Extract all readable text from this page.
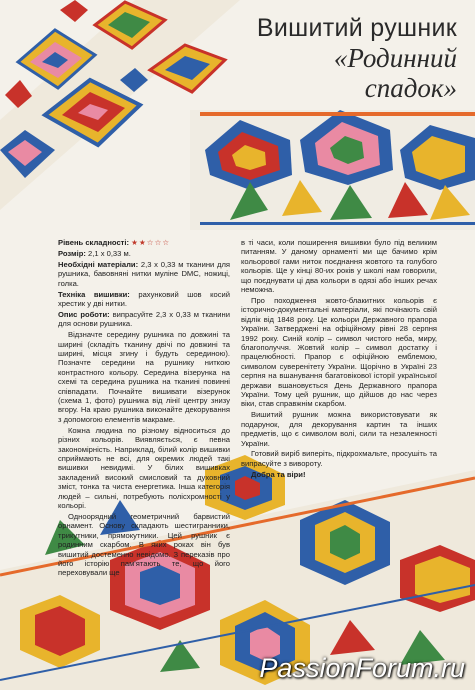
Вишитий рушник
«Родинний
спадок»

Рівень складності: ★★☆☆☆

Розмір: 2,1 х 0,33 м.

Необхідні матеріали: 2,3 х 0,33 м тканини для рушника, бавовняні нитки муліне DMC, ножиці, голка.

Техніка вишивки: рахунковий шов косий хрестик у дві нитки.

Опис роботи: випрасуйте 2,3 х 0,33 м тканини для основи рушника.

Відзначте середину рушника по довжині та ширині (складіть тканину двічі по довжині та ширині, місця згину і будуть серединою). Позначте середини на рушнику ниткою контрастного кольору. Середина візерунка на схемі та середина рушника на тканині повинні співпадати. Почнайте вишивати візерунок (схема 1, фото) рушника від лінії центру знизу вгору. На краю рушника виконайте декорування з допомогою елементів макраме.

Кожна людина по різному відноситься до різних кольорів. Виявляється, є певна закономірність. Наприклад, білий колір вишивки сприймають не всі, для окремих людей такі вишивки невидимі. У білих вишивках закладений високий смисловий та духовний зміст, тонка та чиста енергетика. Інша категорія людей – сильні, потребують полісхромності у кольорі.

Одноорядний геометричний барвистий орнамент. Основу складають шестигранники, трикутники, прямокутники. Цей рушник є родинним скарбом. В яких роках він був вишитий достеменно невідомо. З переказів про його історію пам'ятають те, що його переховували ще

в ті часи, коли поширення вишивки було під великим питанням. У даному орнаменті ми ще бачимо крім кольорової гами ниток поєднання жовтого та голубого кольорів. Ще у кінці 80-их років у школі нам говорили, що поєднувати ці два кольори в одязі або інших речах неможна.

Про походження жовто-блакитних кольорів є історично-документальні матеріали, які почінають свій відлік від 1848 року. Це кольори Державного прапора України. Затверджені на офіційному рівні 28 серпня 1992 року. Синій колір – символ чистого неба, миру, благополуччя. Жовтий колір – символ достатку і працелюбності. Прапор є офіційною емблемою, символом суверенітету України. Щорічно в Україні 23 серпня на вшанування багатовікової історії української держави вшановується День Державного прапора України. Тому цей рушник, що дійшов до нас через віки, став справжнім скарбом.

Вишитий рушник можна використовувати як подарунок, для декорування картин та інших предметів, що є символом волі, сили та незалежності України.

Готовий виріб виперіть, підкрохмальте, просушіть та випрасуйте з вивороту.

Добра та віри!

PassionForum.ru
